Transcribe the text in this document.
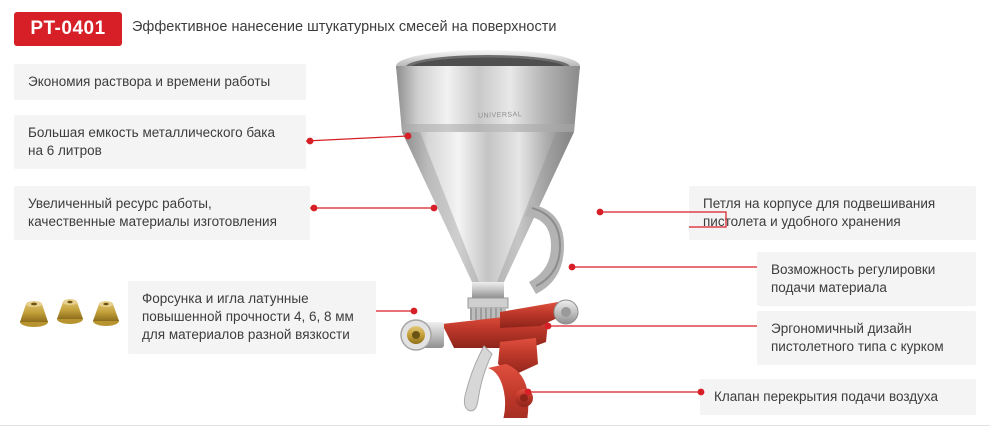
PT-0401	Эффективное нанесение штукатурных смесей на поверхности
UNIVERSAL
Экономия раствора и времени работы
Большая емкость металлического бака на 6 литров
Увеличенный ресурс работы, качественные материалы изготовления
Форсунка и игла латунные повышенной прочности 4, 6, 8 мм для материалов разной вязкости
Петля на корпусе для подвешивания пистолета и удобного хранения
Возможность регулировки подачи материала
Эргономичный дизайн пистолетного типа с курком
Клапан перекрытия подачи воздуха
